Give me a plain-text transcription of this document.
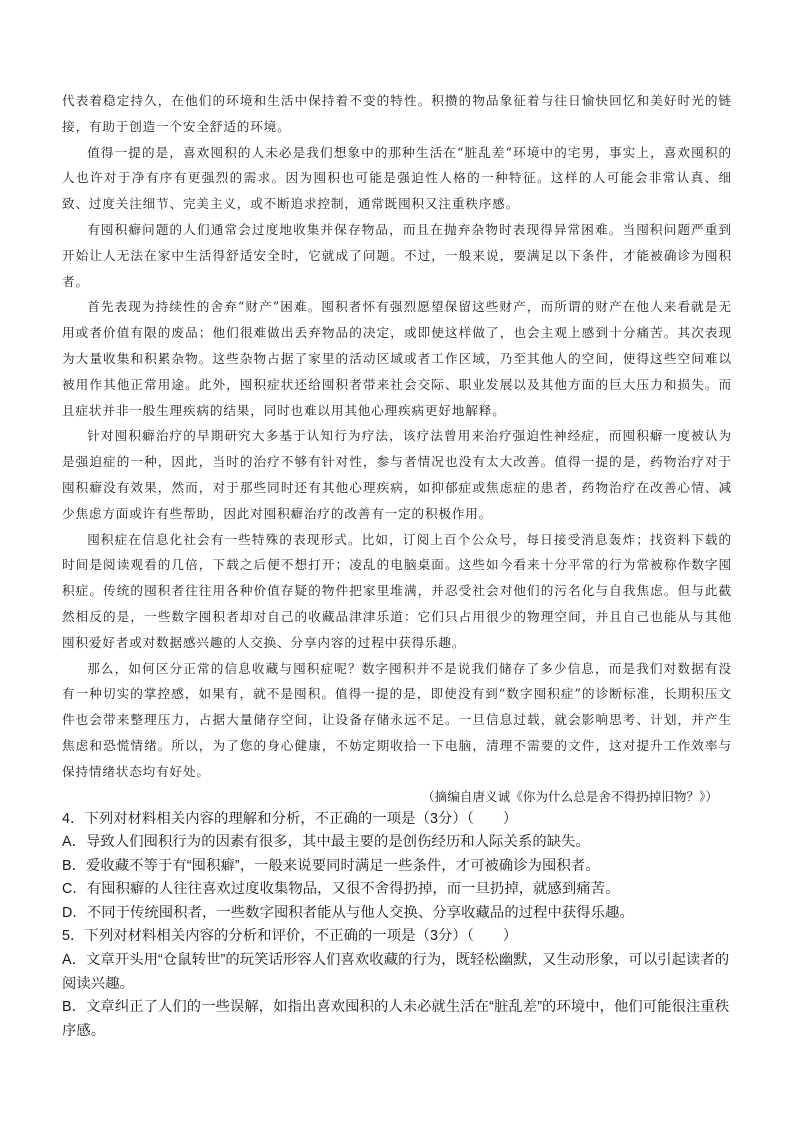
代表着稳定持久，在他们的环境和生活中保持着不变的特性。积攒的物品象征着与往日愉快回忆和美好时光的链接，有助于创造一个安全舒适的环境。

值得一提的是，喜欢囤积的人未必是我们想象中的那种生活在“脏乱差”环境中的宅男，事实上，喜欢囤积的人也许对于净有序有更强烈的需求。因为囤积也可能是强迫性人格的一种特征。这样的人可能会非常认真、细致、过度关注细节、完美主义，或不断追求控制，通常既囤积又注重秩序感。

有囤积癖问题的人们通常会过度地收集并保存物品，而且在抛弃杂物时表现得异常困难。当囤积问题严重到开始让人无法在家中生活得舒适安全时，它就成了问题。不过，一般来说，要满足以下条件，才能被确诊为囤积者。

首先表现为持续性的舍弃“财产”困难。囤积者怀有强烈愿望保留这些财产，而所谓的财产在他人来看就是无用或者价值有限的废品；他们很难做出丢弃物品的决定，或即使这样做了，也会主观上感到十分痛苦。其次表现为大量收集和积累杂物。这些杂物占据了家里的活动区域或者工作区域，乃至其他人的空间，使得这些空间难以被用作其他正常用途。此外，囤积症状还给囤积者带来社会交际、职业发展以及其他方面的巨大压力和损失。而且症状并非一般生理疾病的结果，同时也难以用其他心理疾病更好地解释。

针对囤积癖治疗的早期研究大多基于认知行为疗法，该疗法曾用来治疗强迫性神经症，而囤积癖一度被认为是强迫症的一种，因此，当时的治疗不够有针对性，参与者情况也没有太大改善。值得一提的是，药物治疗对于囤积癖没有效果，然而，对于那些同时还有其他心理疾病，如抑郁症或焦虑症的患者，药物治疗在改善心情、减少焦虑方面或许有些帮助，因此对囤积癖治疗的改善有一定的积极作用。

囤积症在信息化社会有一些特殊的表现形式。比如，订阅上百个公众号，每日接受消息轰炸；找资料下载的时间是阅读观看的几倍，下载之后便不想打开；凌乱的电脑桌面。这些如今看来十分平常的行为常被称作数字囤积症。传统的囤积者往往用各种价值存疑的物件把家里堆满，并忍受社会对他们的污名化与自我焦虑。但与此截然相反的是，一些数字囤积者却对自己的收藏品津津乐道：它们只占用很少的物理空间，并且自己也能从与其他囤积爱好者或对数据感兴趣的人交换、分享内容的过程中获得乐趣。

那么，如何区分正常的信息收藏与囤积症呢？数字囤积并不是说我们储存了多少信息，而是我们对数据有没有一种切实的掌控感，如果有，就不是囤积。值得一提的是，即使没有到“数字囤积症”的诊断标准，长期积压文件也会带来整理压力，占据大量储存空间，让设备存储永远不足。一旦信息过载，就会影响思考、计划，并产生焦虑和恐慌情绪。所以，为了您的身心健康，不妨定期收拾一下电脑，清理不需要的文件，这对提升工作效率与保持情绪状态均有好处。

（摘编自唐义诚《你为什么总是舍不得扔掉旧物？》）

4．下列对材料相关内容的理解和分析，不正确的一项是（3分）（　　）

A．导致人们囤积行为的因素有很多，其中最主要的是创伤经历和人际关系的缺失。

B．爱收藏不等于有“囤积癖”，一般来说要同时满足一些条件，才可被确诊为囤积者。

C．有囤积癖的人往往喜欢过度收集物品，又很不舍得扔掉，而一旦扔掉，就感到痛苦。

D．不同于传统囤积者，一些数字囤积者能从与他人交换、分享收藏品的过程中获得乐趣。

5．下列对材料相关内容的分析和评价，不正确的一项是（3分）（　　）

A．文章开头用“仓鼠转世”的玩笑话形容人们喜欢收藏的行为，既轻松幽默，又生动形象，可以引起读者的阅读兴趣。

B．文章纠正了人们的一些误解，如指出喜欢囤积的人未必就生活在“脏乱差”的环境中，他们可能很注重秩序感。
